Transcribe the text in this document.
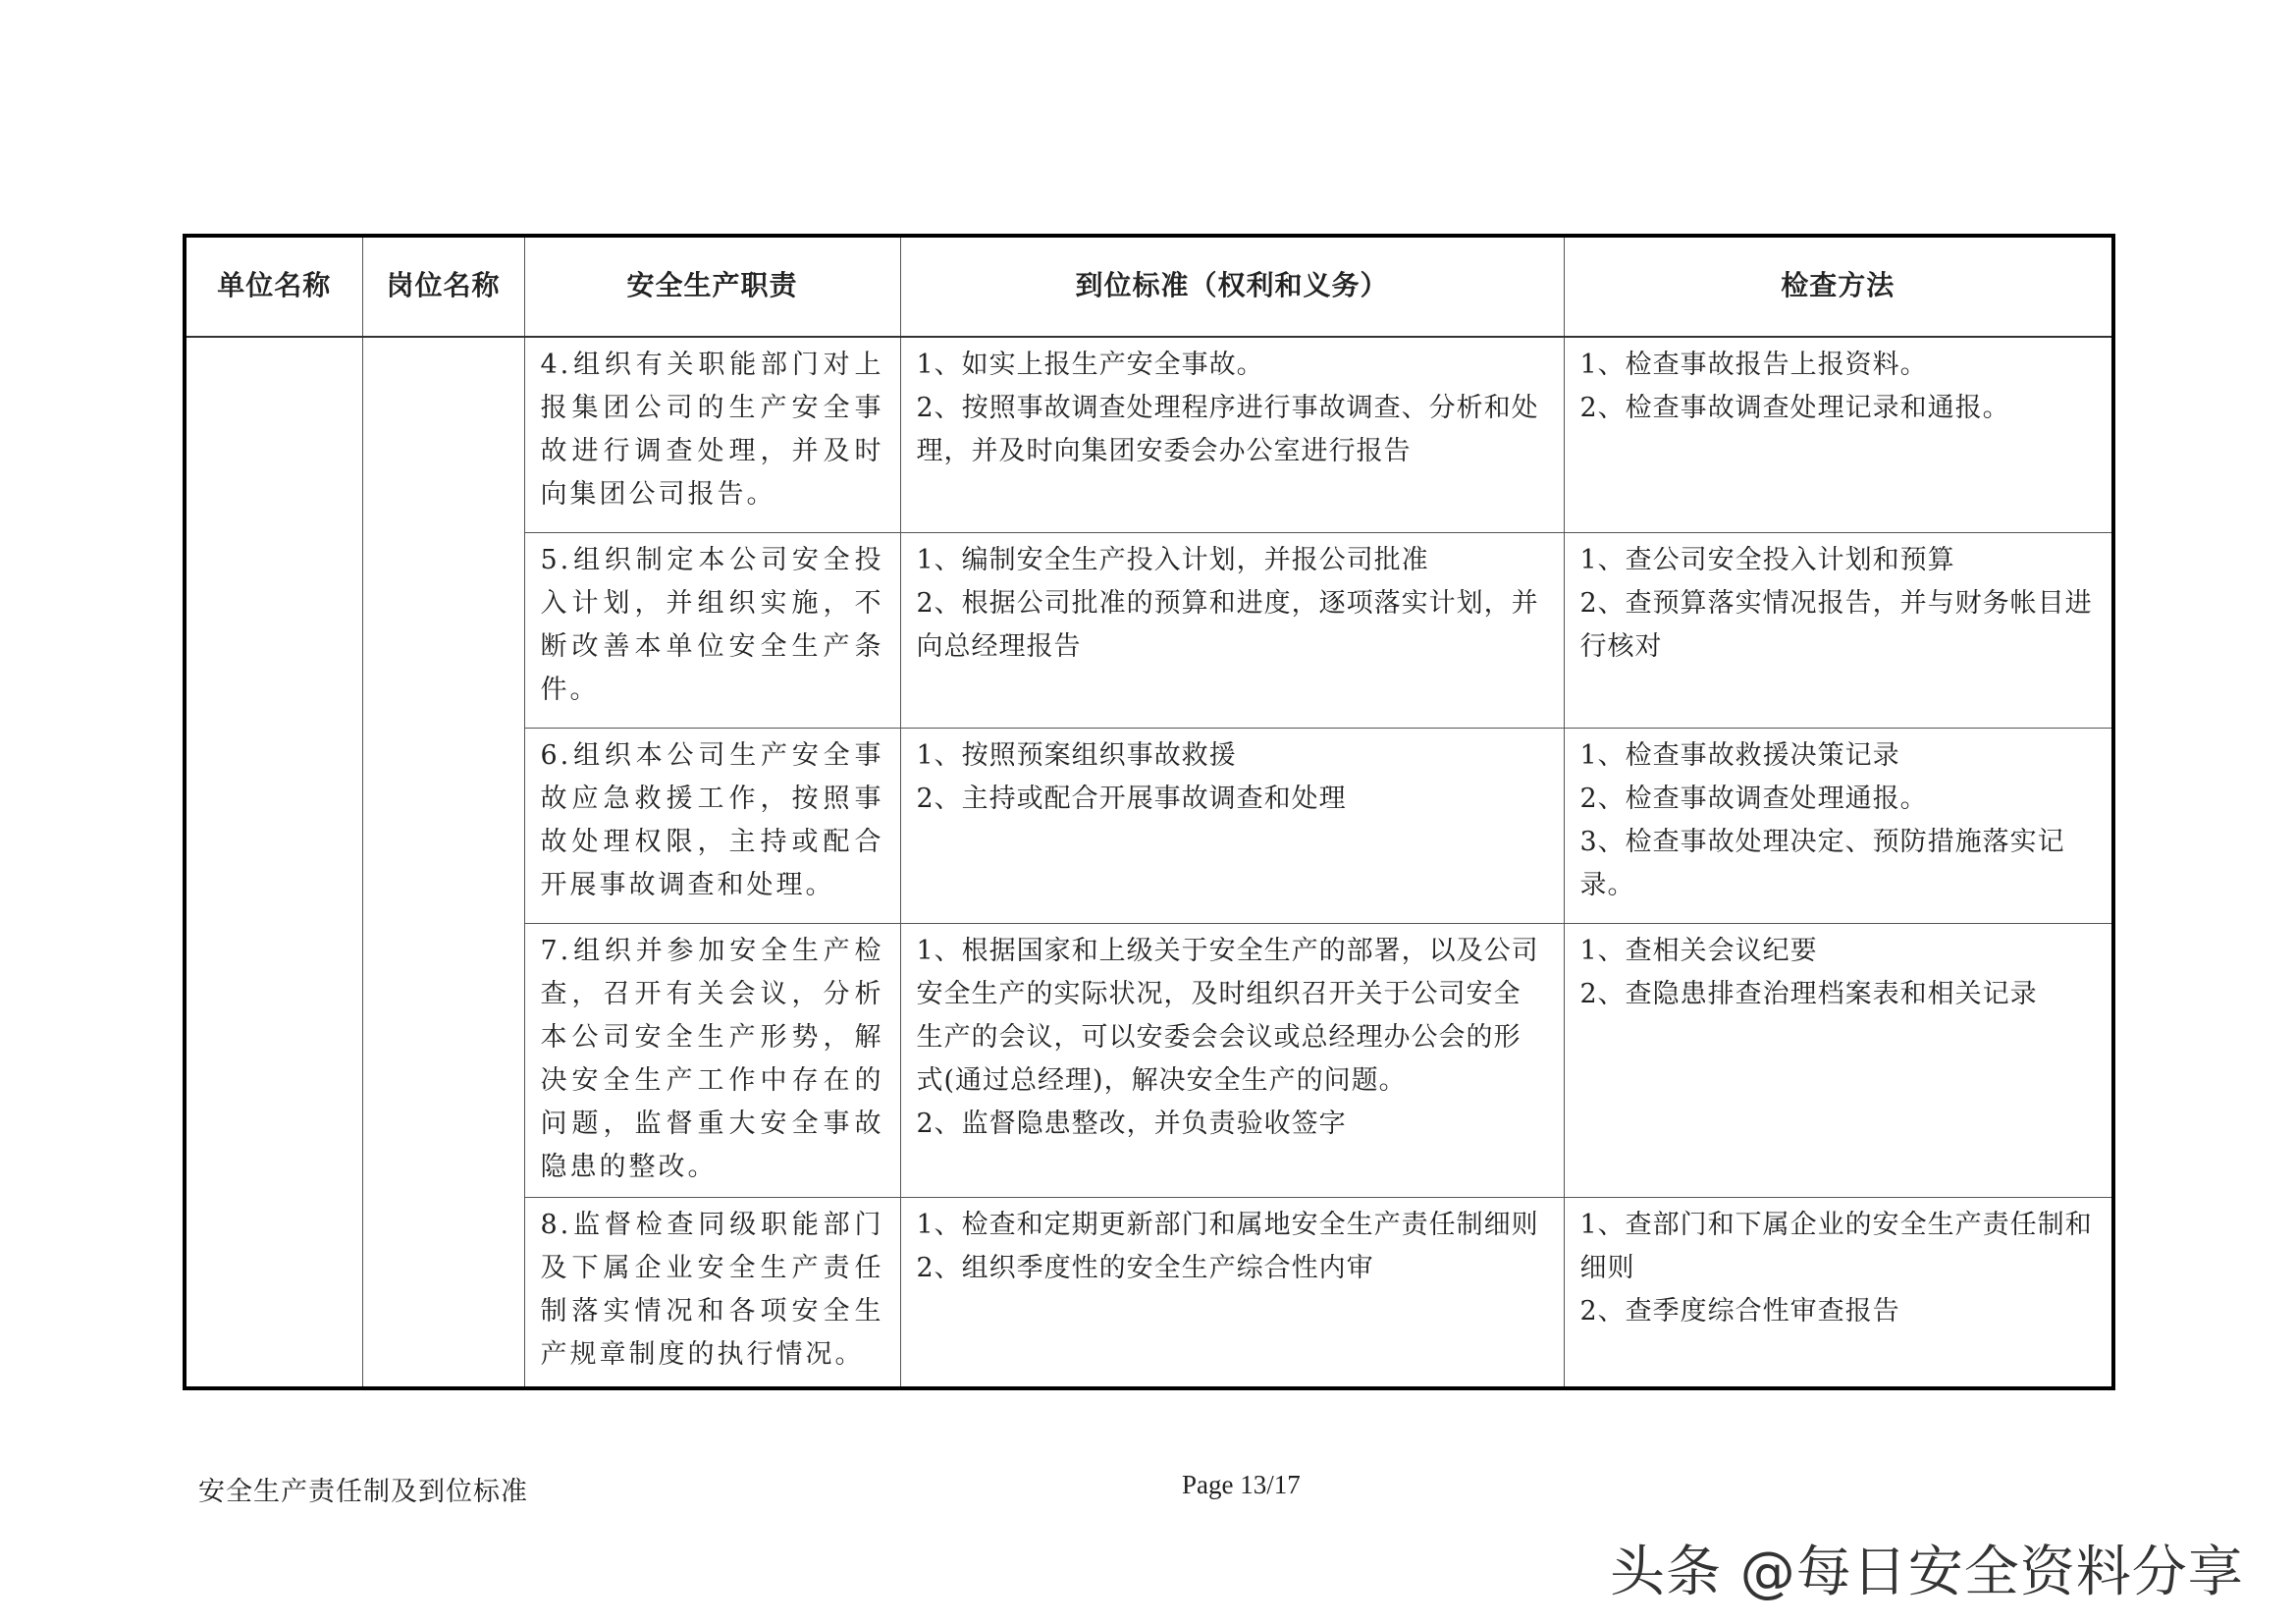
单位名称	岗位名称	安全生产职责	到位标准（权利和义务）	检查方法

		4.组织有关职能部门对上报集团公司的生产安全事故进行调查处理，并及时向集团公司报告。	1、如实上报生产安全事故。
2、按照事故调查处理程序进行事故调查、分析和处理，并及时向集团安委会办公室进行报告	1、检查事故报告上报资料。
2、检查事故调查处理记录和通报。

		5.组织制定本公司安全投入计划，并组织实施，不断改善本单位安全生产条件。	1、编制安全生产投入计划，并报公司批准
2、根据公司批准的预算和进度，逐项落实计划，并向总经理报告	1、查公司安全投入计划和预算
2、查预算落实情况报告，并与财务帐目进行核对

		6.组织本公司生产安全事故应急救援工作，按照事故处理权限，主持或配合开展事故调查和处理。	1、按照预案组织事故救援
2、主持或配合开展事故调查和处理	1、检查事故救援决策记录
2、检查事故调查处理通报。
3、检查事故处理决定、预防措施落实记录。

		7.组织并参加安全生产检查，召开有关会议，分析本公司安全生产形势，解决安全生产工作中存在的问题，监督重大安全事故隐患的整改。	1、根据国家和上级关于安全生产的部署，以及公司安全生产的实际状况，及时组织召开关于公司安全生产的会议，可以安委会会议或总经理办公会的形式(通过总经理)，解决安全生产的问题。
2、监督隐患整改，并负责验收签字	1、查相关会议纪要
2、查隐患排查治理档案表和相关记录

		8.监督检查同级职能部门及下属企业安全生产责任制落实情况和各项安全生产规章制度的执行情况。	1、检查和定期更新部门和属地安全生产责任制细则
2、组织季度性的安全生产综合性内审	1、查部门和下属企业的安全生产责任制和细则
2、查季度综合性审查报告
安全生产责任制及到位标准	Page 13/17
头条 @每日安全资料分享
